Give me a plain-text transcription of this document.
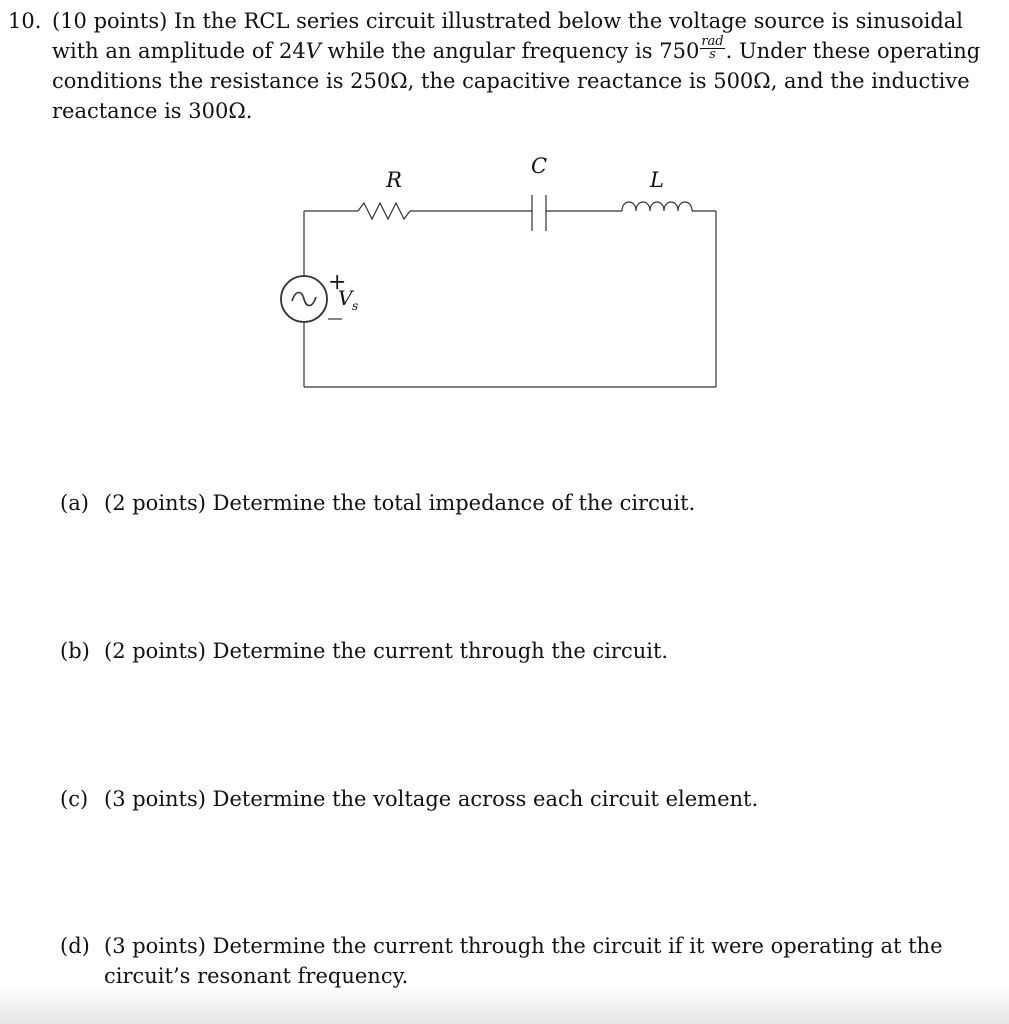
10. (10 points) In the RCL series circuit illustrated below the voltage source is sinusoidal
with an amplitude of 24V while the angular frequency is $750 \frac{\text{rad}}{s}$ . Under these operating
conditions the resistance is 250Ω, the capacitive reactance is 500Ω, and the inductive
reactance is 300Ω.
R
C
L
+
V s
(a) (2 points) Determine the total impedance of the circuit.
(b) (2 points) Determine the current through the circuit.
(c) (3 points) Determine the voltage across each circuit element.
(d) (3 points) Determine the current through the circuit if it were operating at the
circuit’s resonant frequency.
